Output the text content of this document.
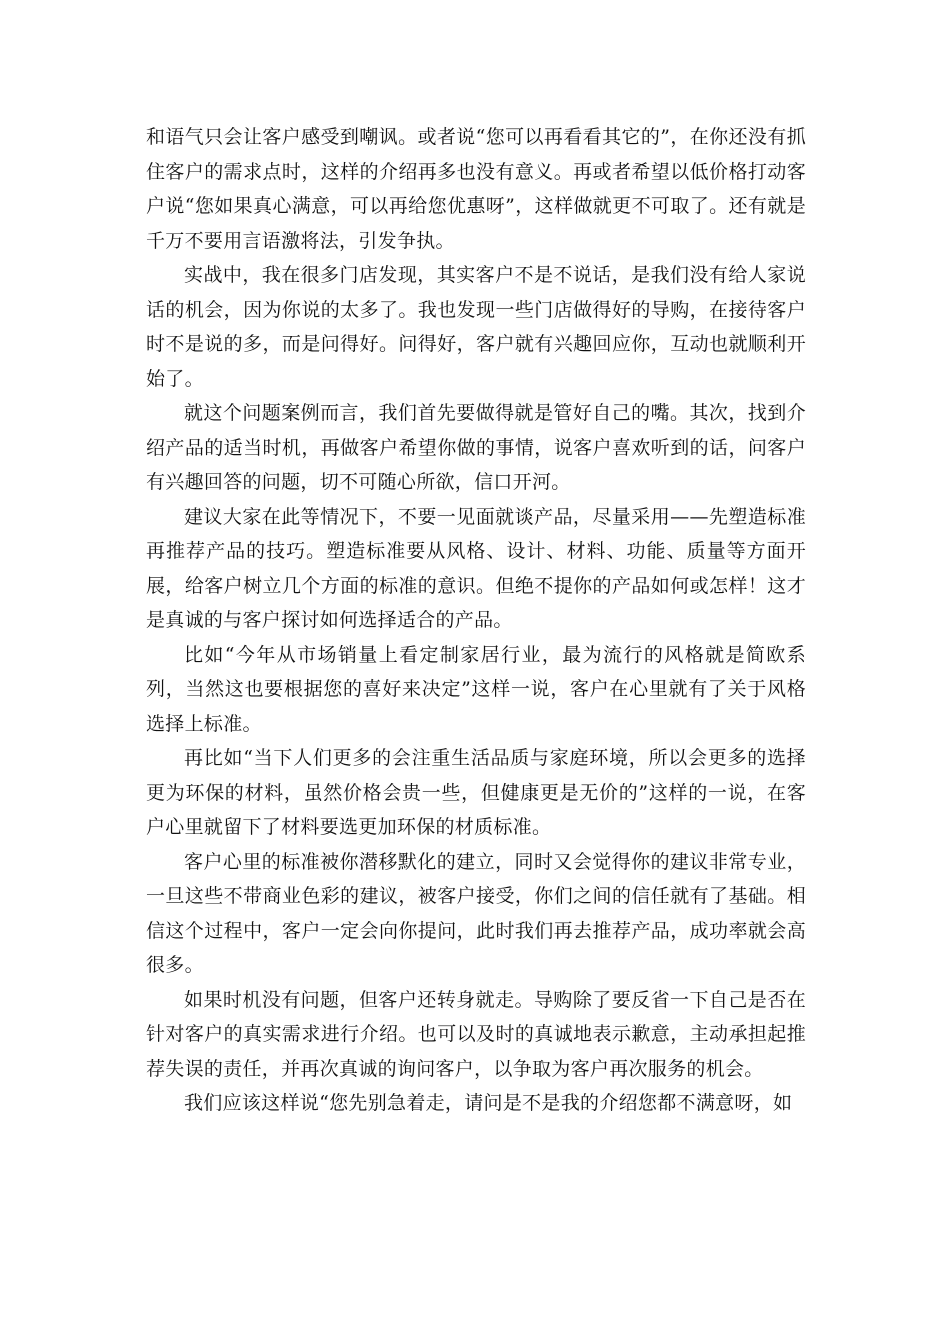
和语气只会让客户感受到嘲讽。或者说“您可以再看看其它的”，在你还没有抓住客户的需求点时，这样的介绍再多也没有意义。再或者希望以低价格打动客户说“您如果真心满意，可以再给您优惠呀”，这样做就更不可取了。还有就是千万不要用言语激将法，引发争执。

实战中，我在很多门店发现，其实客户不是不说话，是我们没有给人家说话的机会，因为你说的太多了。我也发现一些门店做得好的导购，在接待客户时不是说的多，而是问得好。问得好，客户就有兴趣回应你，互动也就顺利开始了。

就这个问题案例而言，我们首先要做得就是管好自己的嘴。其次，找到介绍产品的适当时机，再做客户希望你做的事情，说客户喜欢听到的话，问客户有兴趣回答的问题，切不可随心所欲，信口开河。

建议大家在此等情况下，不要一见面就谈产品，尽量采用——先塑造标准再推荐产品的技巧。塑造标准要从风格、设计、材料、功能、质量等方面开展，给客户树立几个方面的标准的意识。但绝不提你的产品如何或怎样！这才是真诚的与客户探讨如何选择适合的产品。

比如“今年从市场销量上看定制家居行业，最为流行的风格就是简欧系列，当然这也要根据您的喜好来决定”这样一说，客户在心里就有了关于风格选择上标准。

再比如“当下人们更多的会注重生活品质与家庭环境，所以会更多的选择更为环保的材料，虽然价格会贵一些，但健康更是无价的”这样的一说，在客户心里就留下了材料要选更加环保的材质标准。

客户心里的标准被你潜移默化的建立，同时又会觉得你的建议非常专业，一旦这些不带商业色彩的建议，被客户接受，你们之间的信任就有了基础。相信这个过程中，客户一定会向你提问，此时我们再去推荐产品，成功率就会高很多。

如果时机没有问题，但客户还转身就走。导购除了要反省一下自己是否在针对客户的真实需求进行介绍。也可以及时的真诚地表示歉意，主动承担起推荐失误的责任，并再次真诚的询问客户，以争取为客户再次服务的机会。

我们应该这样说“您先别急着走，请问是不是我的介绍您都不满意呀，如
